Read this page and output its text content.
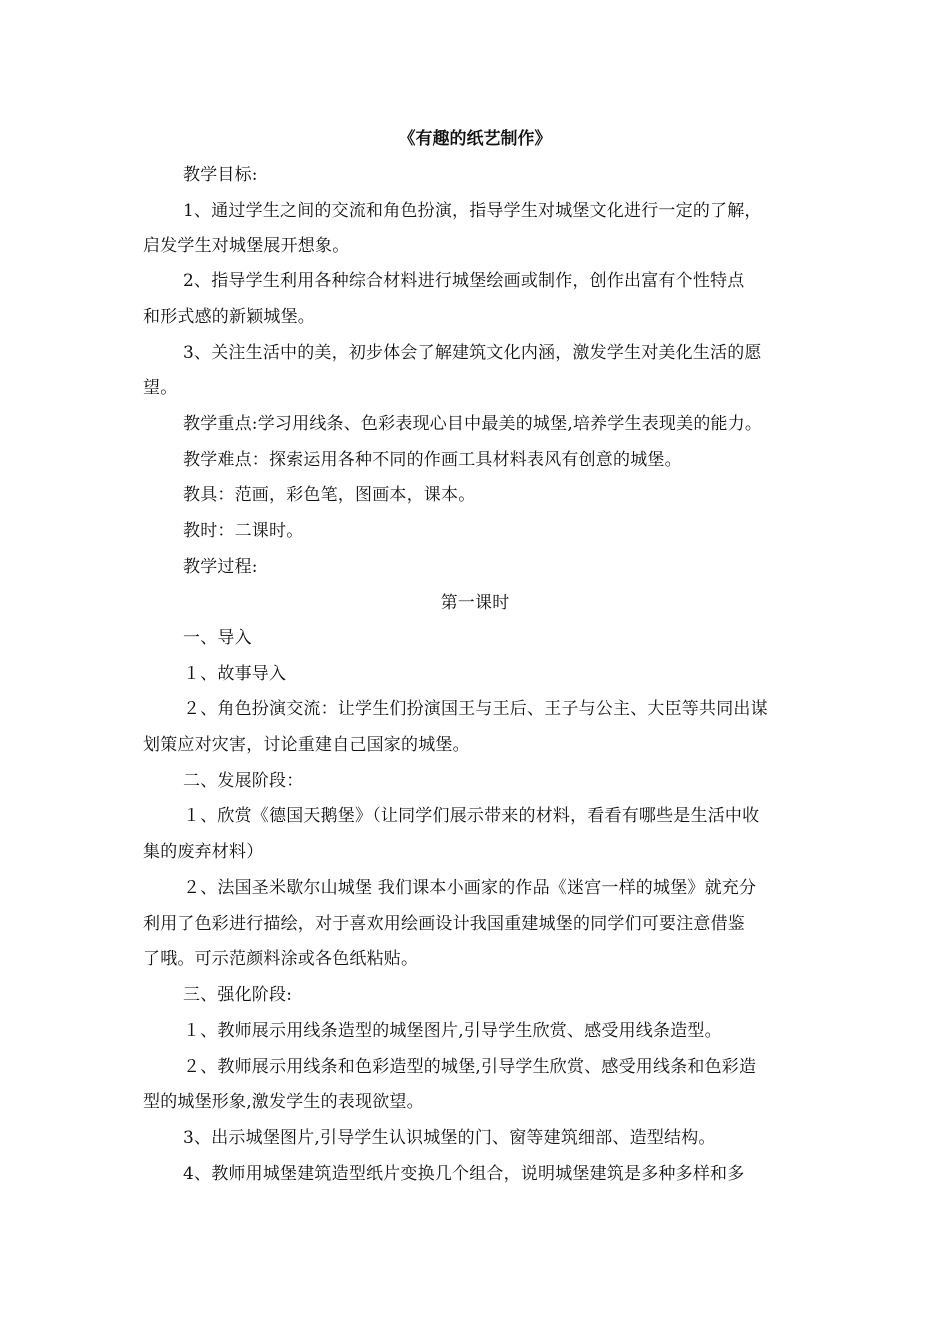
《有趣的纸艺制作》
教学目标:
1、通过学生之间的交流和角色扮演，指导学生对城堡文化进行一定的了解，
启发学生对城堡展开想象。
2、指导学生利用各种综合材料进行城堡绘画或制作，创作出富有个性特点
和形式感的新颖城堡。
3、关注生活中的美，初步体会了解建筑文化内涵，激发学生对美化生活的愿
望。
教学重点:学习用线条、色彩表现心目中最美的城堡,培养学生表现美的能力。
教学难点：探索运用各种不同的作画工具材料表风有创意的城堡。
教具：范画，彩色笔，图画本，课本。
教时：二课时。
教学过程:
第一课时
一、导入
１、故事导入
２、角色扮演交流：让学生们扮演国王与王后、王子与公主、大臣等共同出谋
划策应对灾害，讨论重建自己国家的城堡。
二、发展阶段：
１、欣赏《德国天鹅堡》（让同学们展示带来的材料，看看有哪些是生活中收
集的废弃材料）
２、法国圣米歇尔山城堡 我们课本小画家的作品《迷宫一样的城堡》就充分
利用了色彩进行描绘，对于喜欢用绘画设计我国重建城堡的同学们可要注意借鉴
了哦。可示范颜料涂或各色纸粘贴。
三、强化阶段:
１、教师展示用线条造型的城堡图片,引导学生欣赏、感受用线条造型。
２、教师展示用线条和色彩造型的城堡,引导学生欣赏、感受用线条和色彩造
型的城堡形象,激发学生的表现欲望。
3、出示城堡图片,引导学生认识城堡的门、窗等建筑细部、造型结构。
4、教师用城堡建筑造型纸片变换几个组合，说明城堡建筑是多种多样和多
